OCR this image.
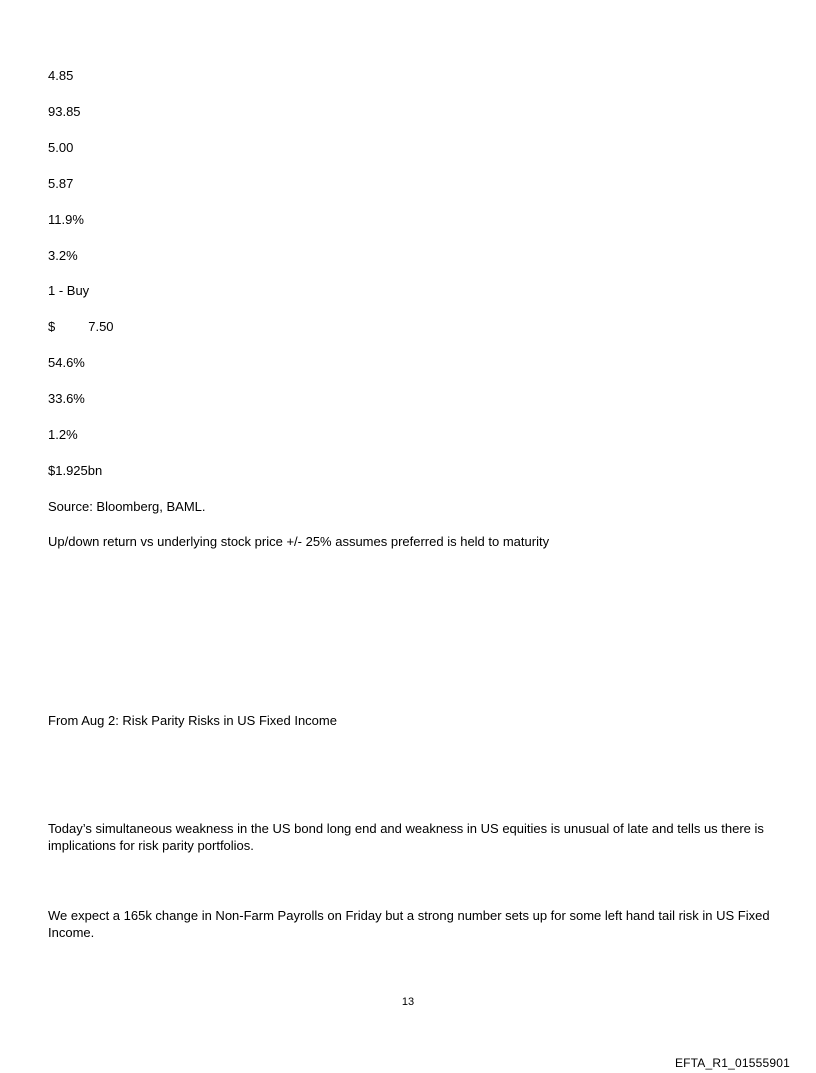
4.85
93.85
5.00
5.87
11.9%
3.2%
1 - Buy
$	7.50
54.6%
33.6%
1.2%
$1.925bn
Source: Bloomberg, BAML.
Up/down return vs underlying stock price +/- 25% assumes preferred is held to maturity
From Aug 2: Risk Parity Risks in US Fixed Income
Today’s simultaneous weakness in the US bond long end and weakness in US equities is unusual of late and tells us there is implications for risk parity portfolios.
We expect a 165k change in Non-Farm Payrolls on Friday but a strong number sets up for some left hand tail risk in US Fixed Income.
13
EFTA_R1_01555901
